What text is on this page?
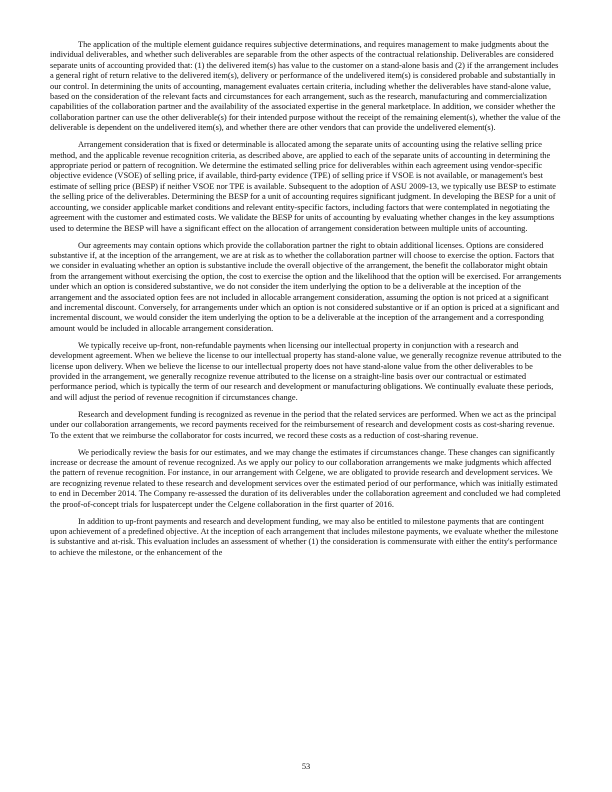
The application of the multiple element guidance requires subjective determinations, and requires management to make judgments about the individual deliverables, and whether such deliverables are separable from the other aspects of the contractual relationship. Deliverables are considered separate units of accounting provided that: (1) the delivered item(s) has value to the customer on a stand-alone basis and (2) if the arrangement includes a general right of return relative to the delivered item(s), delivery or performance of the undelivered item(s) is considered probable and substantially in our control. In determining the units of accounting, management evaluates certain criteria, including whether the deliverables have stand-alone value, based on the consideration of the relevant facts and circumstances for each arrangement, such as the research, manufacturing and commercialization capabilities of the collaboration partner and the availability of the associated expertise in the general marketplace. In addition, we consider whether the collaboration partner can use the other deliverable(s) for their intended purpose without the receipt of the remaining element(s), whether the value of the deliverable is dependent on the undelivered item(s), and whether there are other vendors that can provide the undelivered element(s).

Arrangement consideration that is fixed or determinable is allocated among the separate units of accounting using the relative selling price method, and the applicable revenue recognition criteria, as described above, are applied to each of the separate units of accounting in determining the appropriate period or pattern of recognition. We determine the estimated selling price for deliverables within each agreement using vendor-specific objective evidence (VSOE) of selling price, if available, third-party evidence (TPE) of selling price if VSOE is not available, or management's best estimate of selling price (BESP) if neither VSOE nor TPE is available. Subsequent to the adoption of ASU 2009-13, we typically use BESP to estimate the selling price of the deliverables. Determining the BESP for a unit of accounting requires significant judgment. In developing the BESP for a unit of accounting, we consider applicable market conditions and relevant entity-specific factors, including factors that were contemplated in negotiating the agreement with the customer and estimated costs. We validate the BESP for units of accounting by evaluating whether changes in the key assumptions used to determine the BESP will have a significant effect on the allocation of arrangement consideration between multiple units of accounting.

Our agreements may contain options which provide the collaboration partner the right to obtain additional licenses. Options are considered substantive if, at the inception of the arrangement, we are at risk as to whether the collaboration partner will choose to exercise the option. Factors that we consider in evaluating whether an option is substantive include the overall objective of the arrangement, the benefit the collaborator might obtain from the arrangement without exercising the option, the cost to exercise the option and the likelihood that the option will be exercised. For arrangements under which an option is considered substantive, we do not consider the item underlying the option to be a deliverable at the inception of the arrangement and the associated option fees are not included in allocable arrangement consideration, assuming the option is not priced at a significant and incremental discount. Conversely, for arrangements under which an option is not considered substantive or if an option is priced at a significant and incremental discount, we would consider the item underlying the option to be a deliverable at the inception of the arrangement and a corresponding amount would be included in allocable arrangement consideration.

We typically receive up-front, non-refundable payments when licensing our intellectual property in conjunction with a research and development agreement. When we believe the license to our intellectual property has stand-alone value, we generally recognize revenue attributed to the license upon delivery. When we believe the license to our intellectual property does not have stand-alone value from the other deliverables to be provided in the arrangement, we generally recognize revenue attributed to the license on a straight-line basis over our contractual or estimated performance period, which is typically the term of our research and development or manufacturing obligations. We continually evaluate these periods, and will adjust the period of revenue recognition if circumstances change.

Research and development funding is recognized as revenue in the period that the related services are performed. When we act as the principal under our collaboration arrangements, we record payments received for the reimbursement of research and development costs as cost-sharing revenue. To the extent that we reimburse the collaborator for costs incurred, we record these costs as a reduction of cost-sharing revenue.

We periodically review the basis for our estimates, and we may change the estimates if circumstances change. These changes can significantly increase or decrease the amount of revenue recognized. As we apply our policy to our collaboration arrangements we make judgments which affected the pattern of revenue recognition. For instance, in our arrangement with Celgene, we are obligated to provide research and development services. We are recognizing revenue related to these research and development services over the estimated period of our performance, which was initially estimated to end in December 2014. The Company re-assessed the duration of its deliverables under the collaboration agreement and concluded we had completed the proof-of-concept trials for luspatercept under the Celgene collaboration in the first quarter of 2016.

In addition to up-front payments and research and development funding, we may also be entitled to milestone payments that are contingent upon achievement of a predefined objective. At the inception of each arrangement that includes milestone payments, we evaluate whether the milestone is substantive and at-risk. This evaluation includes an assessment of whether (1) the consideration is commensurate with either the entity's performance to achieve the milestone, or the enhancement of the

53
